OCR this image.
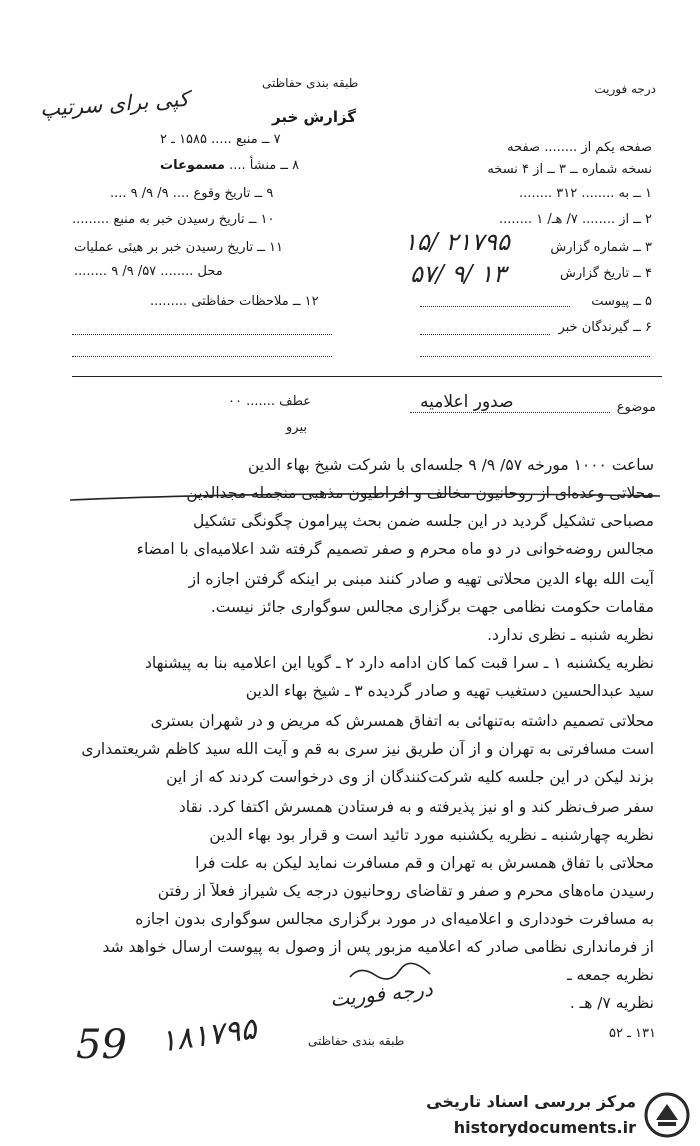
درجه فوریت
طبقه بندی حفاظتی
گزارش خبر
کپی برای سرتیپ
صفحه یکم از ........ صفحه
نسخه شماره ــ ۳ ــ از ۴ نسخه
۱ ــ به ........ ۳۱۲ ........
۲ ــ از ........ ۷/ هـ/ ۱ ........
۳ ــ شماره گزارش
۱۵/ ۲۱۷۹۵
۴ ــ تاریخ گزارش
۵۷/ ۹/ ۱۳
۵ ــ پیوست
۶ ــ گیرندگان خبر
۷ ــ منبع ..... ۱۵۸۵ ـ ۲
۸ ــ منشأ .... مسموعات
۹ ــ تاریخ وقوع .... ۹/ ۹/ ۹ ....
۱۰ ــ تاریخ رسیدن خبر به منبع .........
۱۱ ــ تاریخ رسیدن خبر بر هیئی عملیات
محل ........ ۵۷/ ۹/ ۹ ........
۱۲ ــ ملاحظات حفاظتی .........
موضوع
صدور اعلامیه
عطف ....... ۰۰
بیرو
ساعت ۱۰۰۰ مورخه ۵۷/ ۹/ ۹ جلسه‌ای با شرکت شیخ بهاء الدین
محلاتی وعده‌ای از روحانیون مخالف و افراطیون مذهبی منجمله مجدالدین
مصباحی تشکیل گردید در این جلسه ضمن بحث پیرامون چگونگی تشکیل
مجالس روضه‌خوانی در دو ماه محرم و صفر تصمیم گرفته شد اعلامیه‌ای با امضاء
آیت الله بهاء الدین محلاتی تهیه و صادر کنند مبنی بر اینکه گرفتن اجازه از
مقامات حکومت نظامی جهت برگزاری مجالس سوگواری جائز نیست.
نظریه شنبه ـ نظری ندارد.
نظریه یکشنبه ۱ ـ سرا قبت کما کان ادامه دارد ۲ ـ گویا این اعلامیه بنا به پیشنهاد
سید عبدالحسین دستغیب تهیه و صادر گردیده ۳ ـ شیخ بهاء الدین
محلاتی تصمیم داشته به‌تنهائی به اتفاق همسرش که مریض و در شهران بستری
است مسافرتی به تهران و از آن طریق نیز سری به قم و آیت الله سید کاظم شریعتمداری
بزند لیکن در این جلسه کلیه شرکت‌کنندگان از وی درخواست کردند که از این
سفر صرف‌نظر کند و او نیز پذیرفته و به فرستادن همسرش اکتفا کرد. نقاد
نظریه چهارشنبه ـ نظریه یکشنبه مورد تائید است و قرار بود بهاء الدین
محلاتی با تفاق همسرش به تهران و قم مسافرت نماید لیکن به علت فرا
رسیدن ماه‌های محرم و صفر و تقاضای روحانیون درجه یک شیراز فعلاً از رفتن
به مسافرت خودداری و اعلامیه‌ای در مورد برگزاری مجالس سوگواری بدون اجازه
از فرمانداری نظامی صادر که اعلامیه مزبور پس از وصول به پیوست ارسال خواهد شد
نظریه جمعه ـ
نظریه ۷/ هـ .
درجه فوریت
طبقه بندی حفاظتی	۱۳۱ ـ ۵۲
59 ۱۸۱۷۹۵
مرکز بررسی اسناد تاریخی
historydocuments.ir
